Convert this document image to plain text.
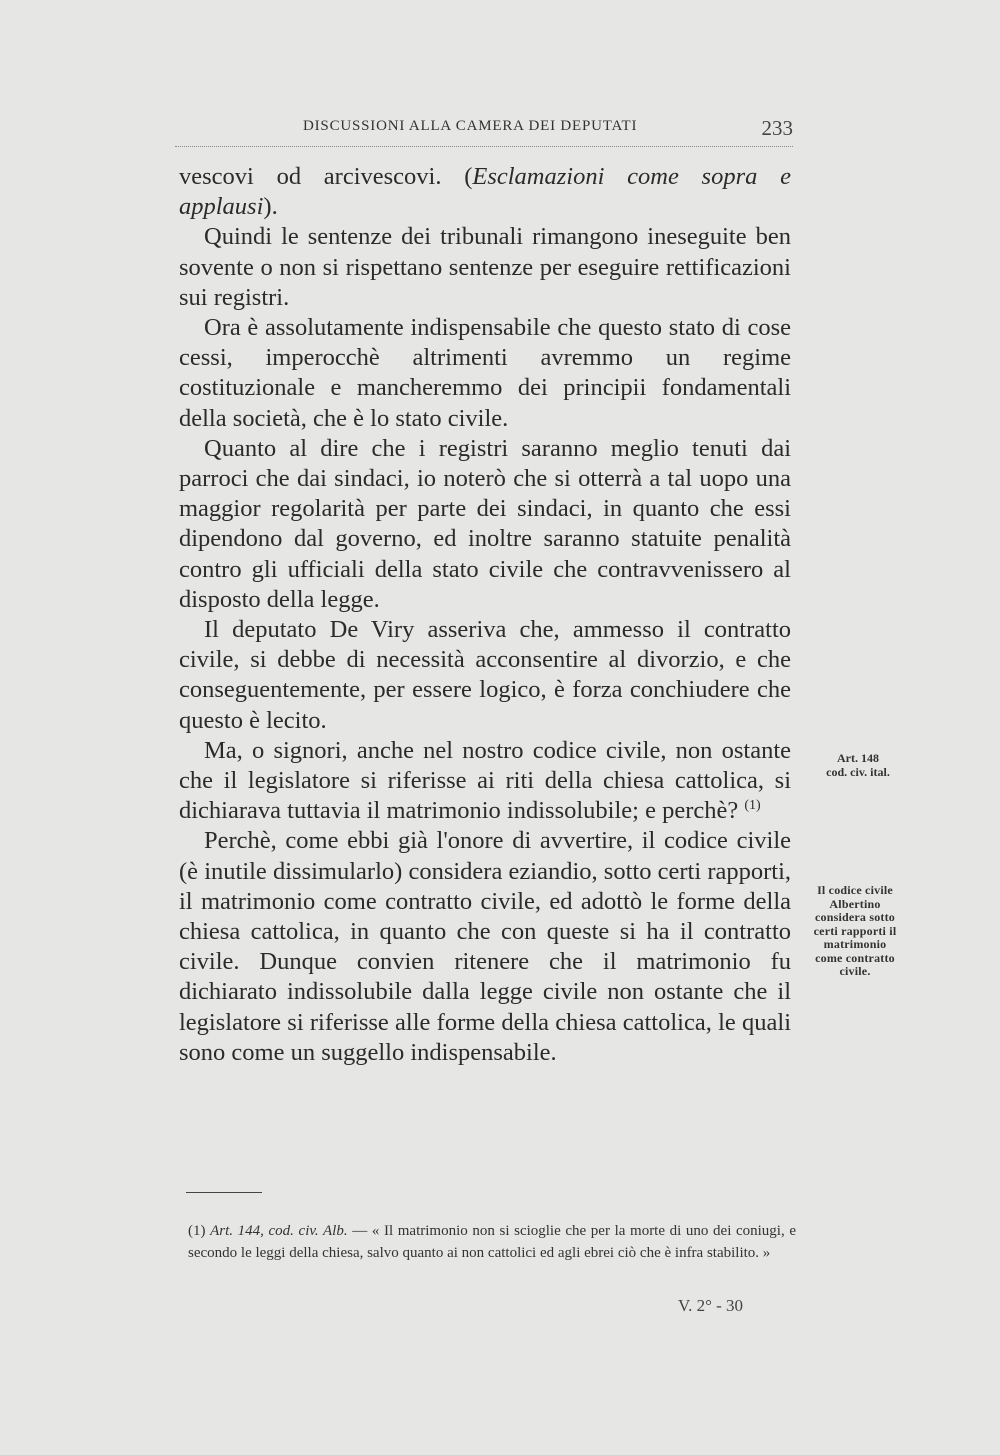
DISCUSSIONI ALLA CAMERA DEI DEPUTATI	233

vescovi od arcivescovi. (Esclamazioni come sopra e applausi).

Quindi le sentenze dei tribunali rimangono ineseguite ben sovente o non si rispettano sentenze per eseguire rettificazioni sui registri.

Ora è assolutamente indispensabile che questo stato di cose cessi, imperocchè altrimenti avremmo un regime costituzionale e mancheremmo dei principii fondamentali della società, che è lo stato civile.

Quanto al dire che i registri saranno meglio tenuti dai parroci che dai sindaci, io noterò che si otterrà a tal uopo una maggior regolarità per parte dei sindaci, in quanto che essi dipendono dal governo, ed inoltre saranno statuite penalità contro gli ufficiali della stato civile che contravvenissero al disposto della legge.

Il deputato De Viry asseriva che, ammesso il contratto civile, si debbe di necessità acconsentire al divorzio, e che conseguentemente, per essere logico, è forza conchiudere che questo è lecito.

Ma, o signori, anche nel nostro codice civile, non ostante che il legislatore si riferisse ai riti della chiesa cattolica, si dichiarava tuttavia il matrimonio indissolubile; e perchè? $^{(1)}$

Perchè, come ebbi già l'onore di avvertire, il codice civile (è inutile dissimularlo) considera eziandio, sotto certi rapporti, il matrimonio come contratto civile, ed adottò le forme della chiesa cattolica, in quanto che con queste si ha il contratto civile. Dunque convien ritenere che il matrimonio fu dichiarato indissolubile dalla legge civile non ostante che il legislatore si riferisse alle forme della chiesa cattolica, le quali sono come un suggello indispensabile.

Art. 148
cod. civ. ital.
Il codice civile Albertino considera sotto certi rapporti il matrimonio come contratto civile.
(1) Art. 144, cod. civ. Alb. — « Il matrimonio non si scioglie che per la morte di uno dei coniugi, e secondo le leggi della chiesa, salvo quanto ai non cattolici ed agli ebrei ciò che è infra stabilito. »
V. 2° - 30
